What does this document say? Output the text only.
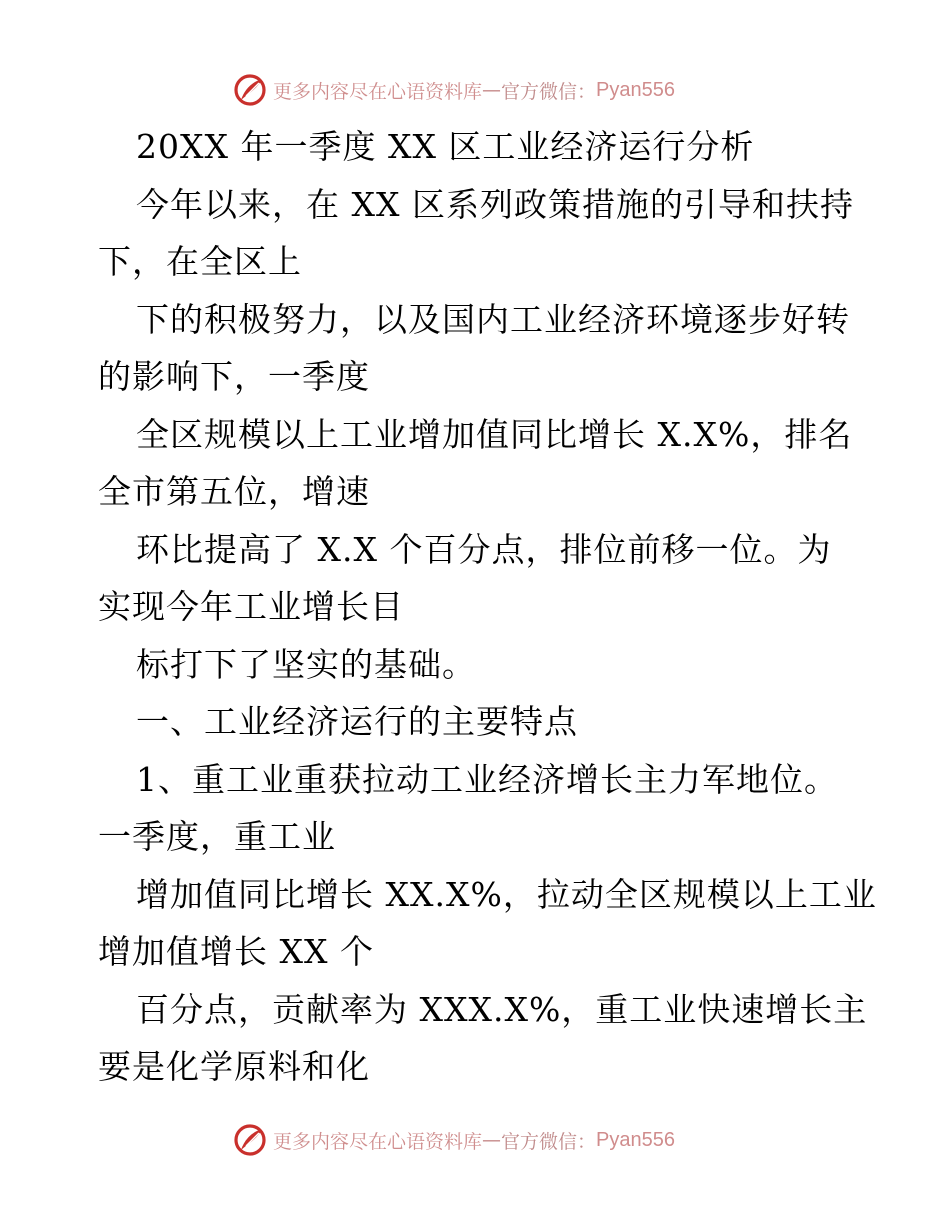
更多内容尽在心语资料库 — 官方微信： Pyan556
20XX 年一季度 XX 区工业经济运行分析
今年以来，在 XX 区系列政策措施的引导和扶持
下，在全区上
下的积极努力，以及国内工业经济环境逐步好转
的影响下，一季度
全区规模以上工业增加值同比增长 X.X%，排名
全市第五位，增速
环比提高了 X.X 个百分点，排位前移一位。为
实现今年工业增长目
标打下了坚实的基础。
一、工业经济运行的主要特点
1、重工业重获拉动工业经济增长主力军地位。
一季度，重工业
增加值同比增长 XX.X%，拉动全区规模以上工业
增加值增长 XX 个
百分点，贡献率为 XXX.X%，重工业快速增长主
要是化学原料和化
更多内容尽在心语资料库 — 官方微信： Pyan556
